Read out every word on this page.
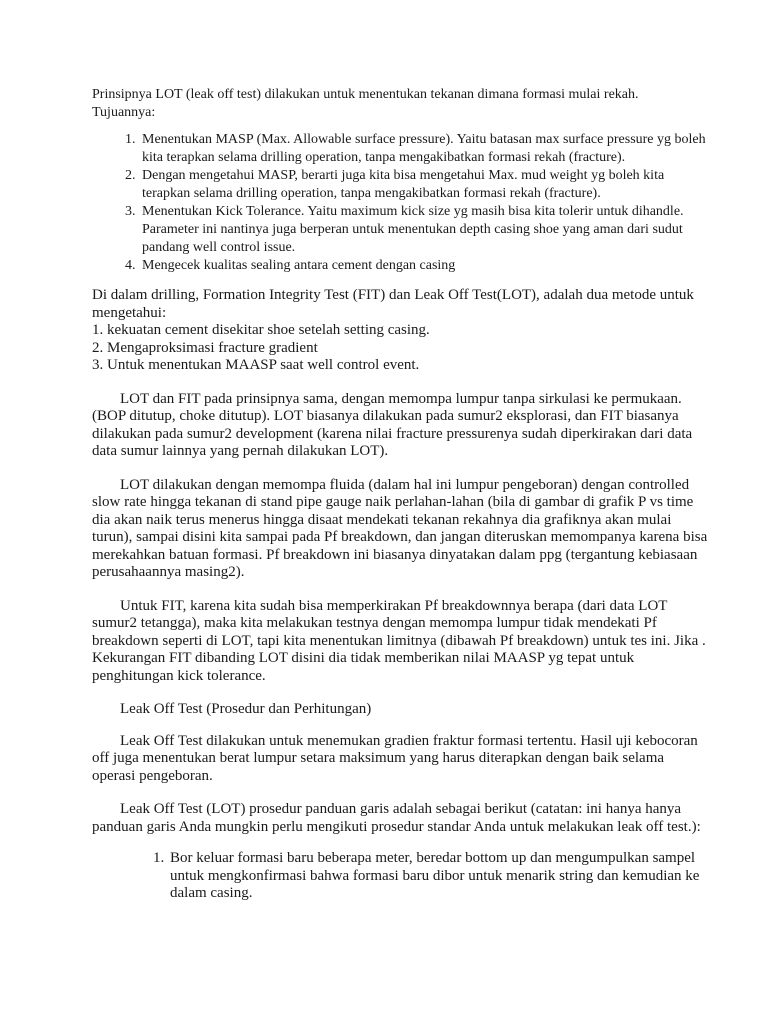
Prinsipnya LOT (leak off test) dilakukan untuk menentukan tekanan dimana formasi mulai rekah.

Tujuannya:

1. Menentukan MASP (Max. Allowable surface pressure). Yaitu batasan max surface pressure yg boleh kita terapkan selama drilling operation, tanpa mengakibatkan formasi rekah (fracture).
2. Dengan mengetahui MASP, berarti juga kita bisa mengetahui Max. mud weight yg boleh kita terapkan selama drilling operation, tanpa mengakibatkan formasi rekah (fracture).
3. Menentukan Kick Tolerance. Yaitu maximum kick size yg masih bisa kita tolerir untuk dihandle. Parameter ini nantinya juga berperan untuk menentukan depth casing shoe yang aman dari sudut pandang well control issue.
4. Mengecek kualitas sealing antara cement dengan casing

Di dalam drilling, Formation Integrity Test (FIT) dan Leak Off Test(LOT), adalah dua metode untuk mengetahui:

1. kekuatan cement disekitar shoe setelah setting casing.

2. Mengaproksimasi fracture gradient

3. Untuk menentukan MAASP saat well control event.

LOT dan FIT pada prinsipnya sama, dengan memompa lumpur tanpa sirkulasi ke permukaan. (BOP ditutup, choke ditutup). LOT biasanya dilakukan pada sumur2 eksplorasi, dan FIT biasanya dilakukan pada sumur2 development (karena nilai fracture pressurenya sudah diperkirakan dari data data sumur lainnya yang pernah dilakukan LOT).

LOT dilakukan dengan memompa fluida (dalam hal ini lumpur pengeboran) dengan controlled slow rate hingga tekanan di stand pipe gauge naik perlahan-lahan (bila di gambar di grafik P vs time dia akan naik terus menerus hingga disaat mendekati tekanan rekahnya dia grafiknya akan mulai turun), sampai disini kita sampai pada Pf breakdown, dan jangan diteruskan memompanya karena bisa merekahkan batuan formasi. Pf breakdown ini biasanya dinyatakan dalam ppg (tergantung kebiasaan perusahaannya masing2).

Untuk FIT, karena kita sudah bisa memperkirakan Pf breakdownnya berapa (dari data LOT sumur2 tetangga), maka kita melakukan testnya dengan memompa lumpur tidak mendekati Pf breakdown seperti di LOT, tapi kita menentukan limitnya (dibawah Pf breakdown) untuk tes ini. Jika . Kekurangan FIT dibanding LOT disini dia tidak memberikan nilai MAASP yg tepat untuk penghitungan kick tolerance.

Leak Off Test (Prosedur dan Perhitungan)

Leak Off Test dilakukan untuk menemukan gradien fraktur formasi tertentu. Hasil uji kebocoran off juga menentukan berat lumpur setara maksimum yang harus diterapkan dengan baik selama operasi pengeboran.

Leak Off Test (LOT) prosedur panduan garis adalah sebagai berikut (catatan: ini hanya hanya panduan garis Anda mungkin perlu mengikuti prosedur standar Anda untuk melakukan leak off test.):

1. Bor keluar formasi baru beberapa meter, beredar bottom up dan mengumpulkan sampel untuk mengkonfirmasi bahwa formasi baru dibor untuk menarik string dan kemudian ke dalam casing.
